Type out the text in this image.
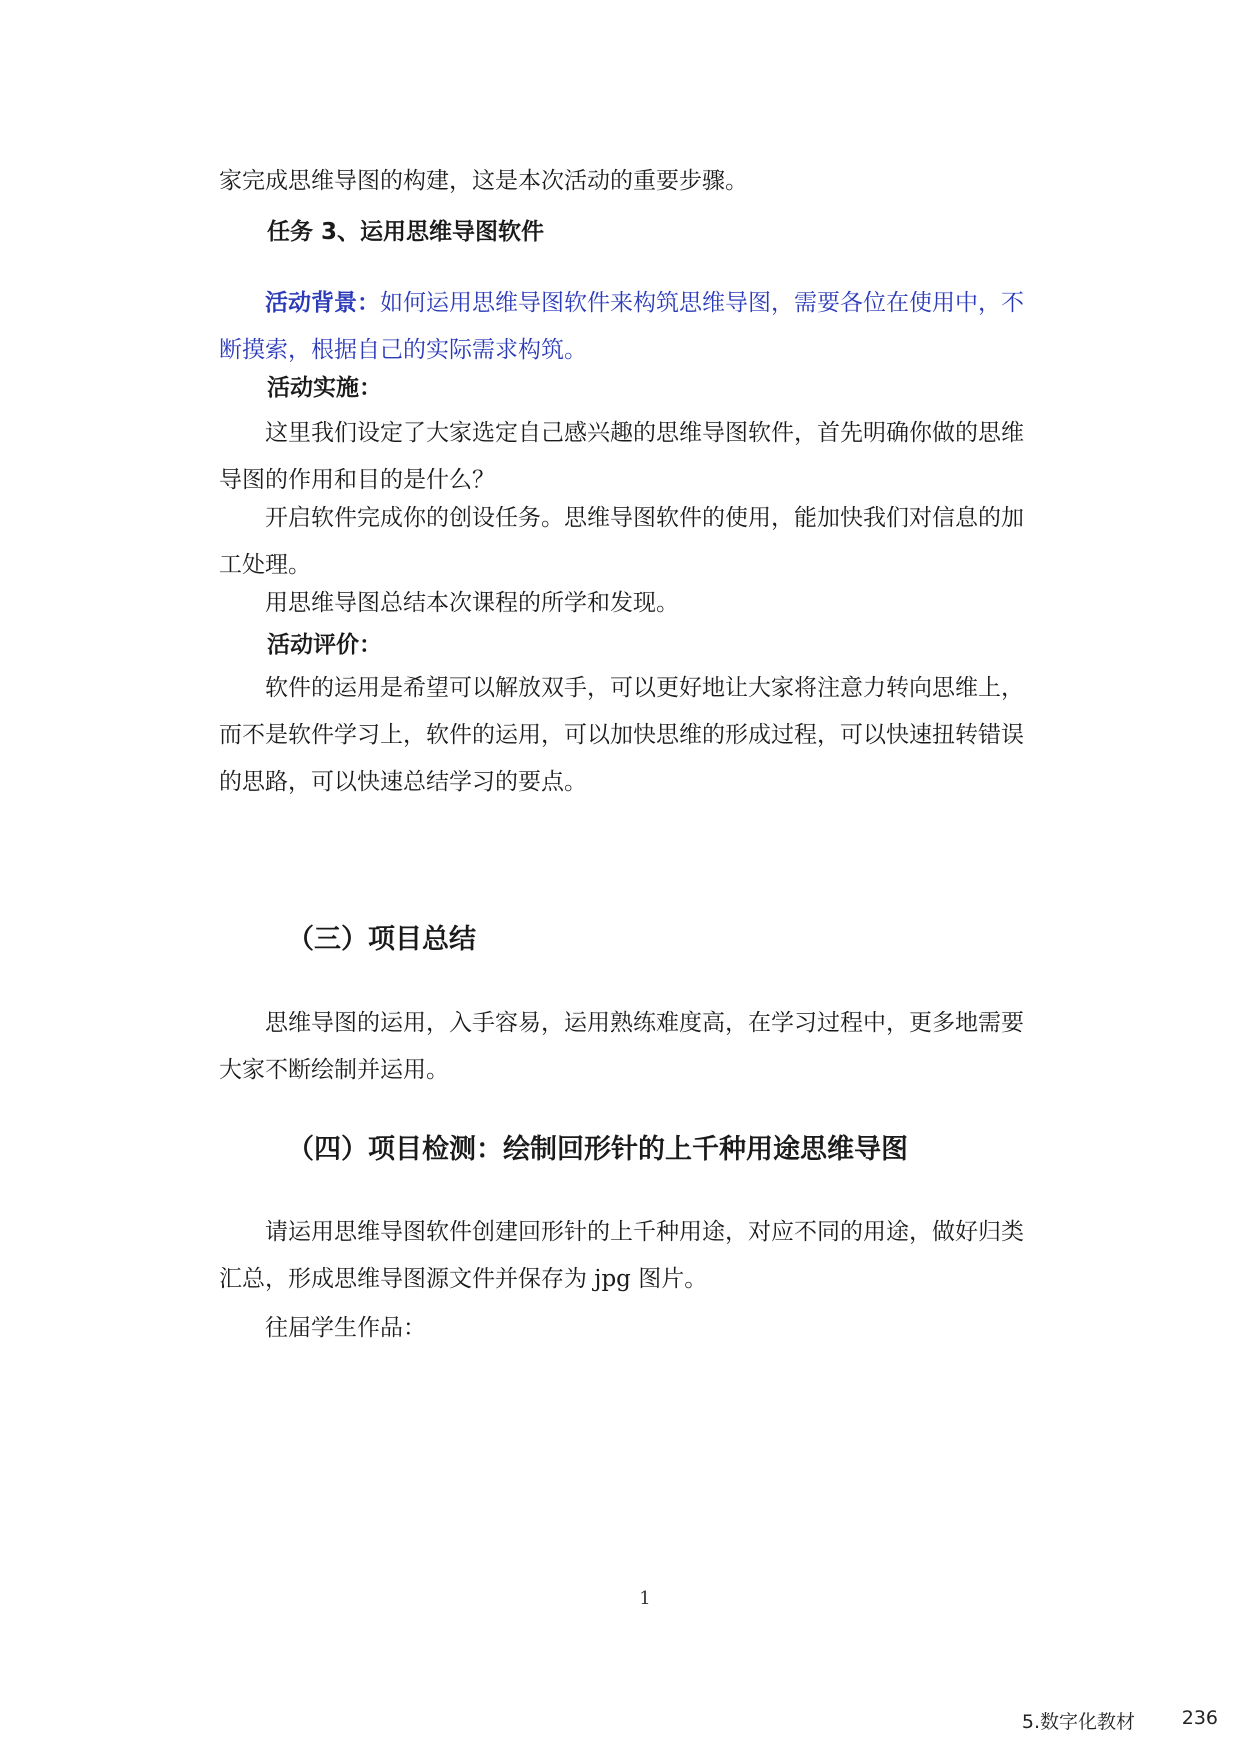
家完成思维导图的构建，这是本次活动的重要步骤。

任务 3、运用思维导图软件

活动背景：如何运用思维导图软件来构筑思维导图，需要各位在使用中，不断摸索，根据自己的实际需求构筑。

活动实施：

这里我们设定了大家选定自己感兴趣的思维导图软件，首先明确你做的思维导图的作用和目的是什么？

开启软件完成你的创设任务。思维导图软件的使用，能加快我们对信息的加工处理。

用思维导图总结本次课程的所学和发现。

活动评价：

软件的运用是希望可以解放双手，可以更好地让大家将注意力转向思维上，而不是软件学习上，软件的运用，可以加快思维的形成过程，可以快速扭转错误的思路，可以快速总结学习的要点。

（三）项目总结

思维导图的运用，入手容易，运用熟练难度高，在学习过程中，更多地需要大家不断绘制并运用。

（四）项目检测：绘制回形针的上千种用途思维导图

请运用思维导图软件创建回形针的上千种用途，对应不同的用途，做好归类汇总，形成思维导图源文件并保存为 jpg 图片。

往届学生作品：

1
5.数字化教材 236
